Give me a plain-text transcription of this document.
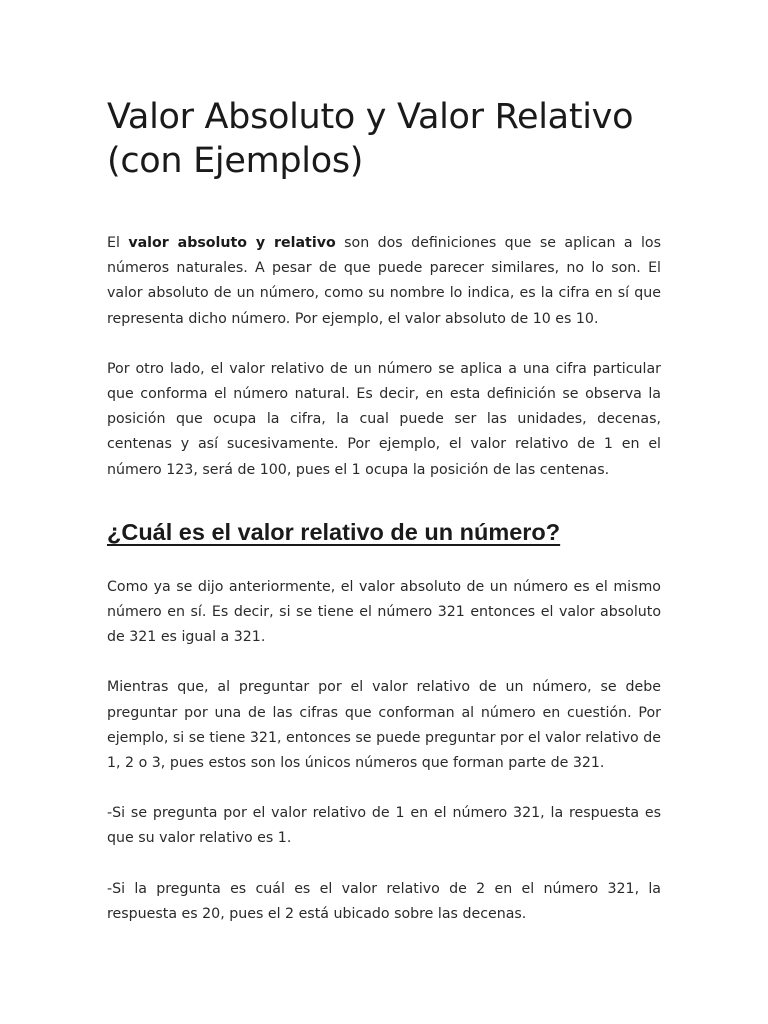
Valor Absoluto y Valor Relativo (con Ejemplos)

El valor absoluto y relativo son dos definiciones que se aplican a los números naturales. A pesar de que puede parecer similares, no lo son. El valor absoluto de un número, como su nombre lo indica, es la cifra en sí que representa dicho número. Por ejemplo, el valor absoluto de 10 es 10.

Por otro lado, el valor relativo de un número se aplica a una cifra particular que conforma el número natural. Es decir, en esta definición se observa la posición que ocupa la cifra, la cual puede ser las unidades, decenas, centenas y así sucesivamente. Por ejemplo, el valor relativo de 1 en el número 123, será de 100, pues el 1 ocupa la posición de las centenas.

¿Cuál es el valor relativo de un número?

Como ya se dijo anteriormente, el valor absoluto de un número es el mismo número en sí. Es decir, si se tiene el número 321 entonces el valor absoluto de 321 es igual a 321.

Mientras que, al preguntar por el valor relativo de un número, se debe preguntar por una de las cifras que conforman al número en cuestión. Por ejemplo, si se tiene 321, entonces se puede preguntar por el valor relativo de 1, 2 o 3, pues estos son los únicos números que forman parte de 321.

-Si se pregunta por el valor relativo de 1 en el número 321, la respuesta es que su valor relativo es 1.

-Si la pregunta es cuál es el valor relativo de 2 en el número 321, la respuesta es 20, pues el 2 está ubicado sobre las decenas.
